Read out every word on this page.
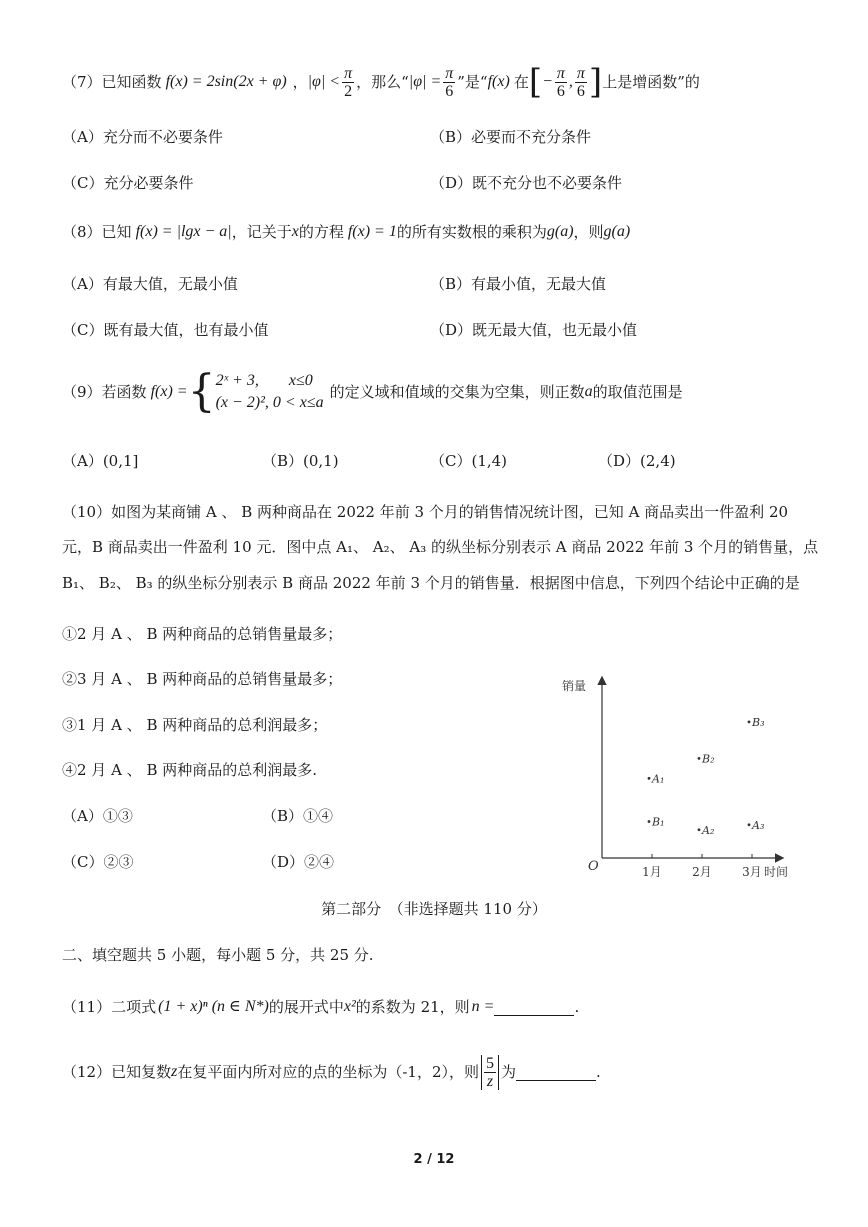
（7） 已知函数 f(x) = 2sin(2x + φ) ， $|\varphi| < \frac{\pi}{2}$ ，那么“ $|\varphi| = \frac{\pi}{6}$ ”是“ f(x) 在 [ − $\frac{\pi}{6}$ , $\frac{\pi}{6}$ ] 上是增函数”的
（A）充分而不必要条件	（B）必要而不充分条件
（C）充分必要条件	（D）既不充分也不必要条件
（8） 已知 f(x) = |lgx − a| ，记关于 x 的方程 f(x) = 1 的所有实数根的乘积为 g(a) ，则 g(a)
（A）有最大值，无最小值	（B）有最小值，无最大值
（C）既有最大值，也有最小值	（D）既无最大值，也无最小值
（9） 若函数 f(x) = { 2ˣ + 3, x≤0
(x − 2)², 0 < x≤a
的定义域和值域的交集为空集，则正数 a 的取值范围是
（A）(0,1]	（B）(0,1)	（C）(1,4)	（D）(2,4)
（10）如图为某商铺 A 、 B 两种商品在 2022 年前 3 个月的销售情况统计图，已知 A 商品卖出一件盈利 20
元，B 商品卖出一件盈利 10 元．图中点 A₁、 A₂、 A₃ 的纵坐标分别表示 A 商品 2022 年前 3 个月的销售量，点
B₁、 B₂、 B₃ 的纵坐标分别表示 B 商品 2022 年前 3 个月的销售量．根据图中信息，下列四个结论中正确的是
①2 月 A 、 B 两种商品的总销售量最多；
②3 月 A 、 B 两种商品的总销售量最多；
③1 月 A 、 B 两种商品的总利润最多；
④2 月 A 、 B 两种商品的总利润最多.
（A）①③	（B）①④
（C）②③	（D）②④
1月	2月	3月
A₁
A₂	A₃
B₁
B₂
B₃
销量
时间
O
第二部分　（非选择题共 110 分）
二、填空题共 5 小题，每小题 5 分，共 25 分.
（11） 二项式 (1 + x)ⁿ (n ∈ N*) 的展开式中 x² 的系数为 21，则 n =	.
（12） 已知复数 z 在复平面内所对应的点的坐标为（-1，2），则 $\frac{5}{z}$ 为	.
2 / 12
